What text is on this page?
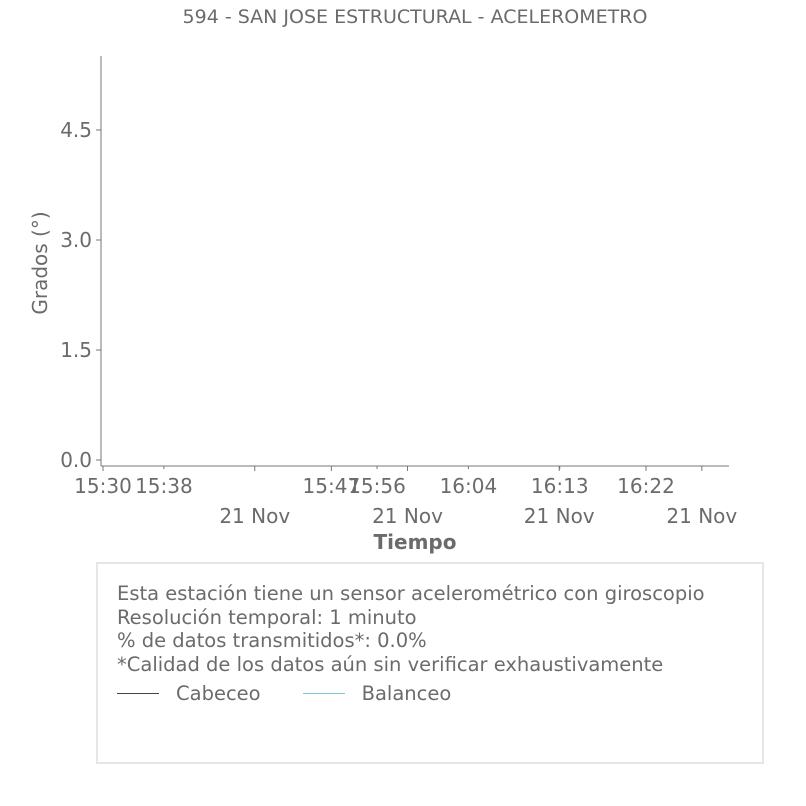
594 - SAN JOSE ESTRUCTURAL - ACELEROMETRO
0.0
1.5
3.0
4.5
15:30
21 Nov
15:47
21 Nov	21 Nov
16:22
21 Nov
15:38	15:56 16:04 16:13
Grados (°)
Tiempo
Esta estación tiene un sensor acelerométrico con giroscopio
Resolución temporal: 1 minuto
% de datos transmitidos*: 0.0%
*Calidad de los datos aún sin verificar exhaustivamente
Cabeceo	Balanceo
